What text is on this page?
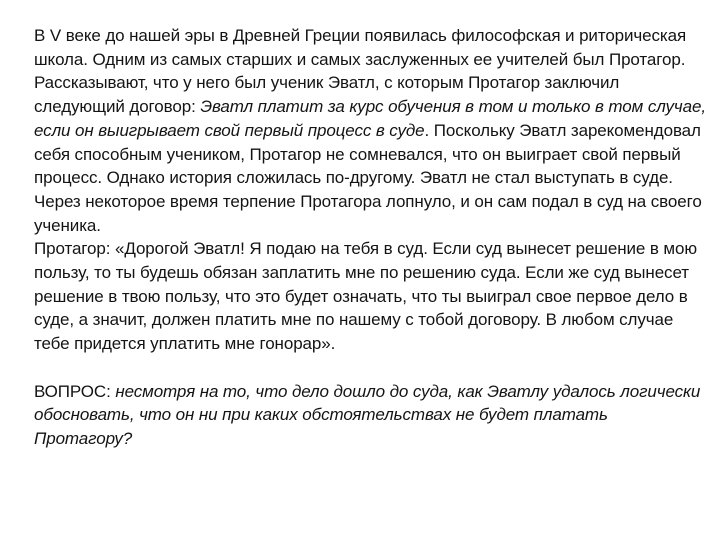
В V веке до нашей эры в Древней Греции появилась философская и риторическая школа. Одним из самых старших и самых заслуженных ее учителей был Протагор. Рассказывают, что у него был ученик Эватл, с которым Протагор заключил следующий договор: Эватл платит за курс обучения в том и только в том случае, если он выигрывает свой первый процесс в суде. Поскольку Эватл зарекомендовал себя способным учеником, Протагор не сомневался, что он выиграет свой первый процесс. Однако история сложилась по-другому. Эватл не стал выступать в суде. Через некоторое время терпение Протагора лопнуло, и он сам подал в суд на своего ученика.

Протагор: «Дорогой Эватл! Я подаю на тебя в суд. Если суд вынесет решение в мою пользу, то ты будешь обязан заплатить мне по решению суда. Если же суд вынесет решение в твою пользу, что это будет означать, что ты выиграл свое первое дело в суде, а значит, должен платить мне по нашему с тобой договору. В любом случае тебе придется уплатить мне гонорар».

ВОПРОС: несмотря на то, что дело дошло до суда, как Эватлу удалось логически обосновать, что он ни при каких обстоятельствах не будет платать Протагору?
